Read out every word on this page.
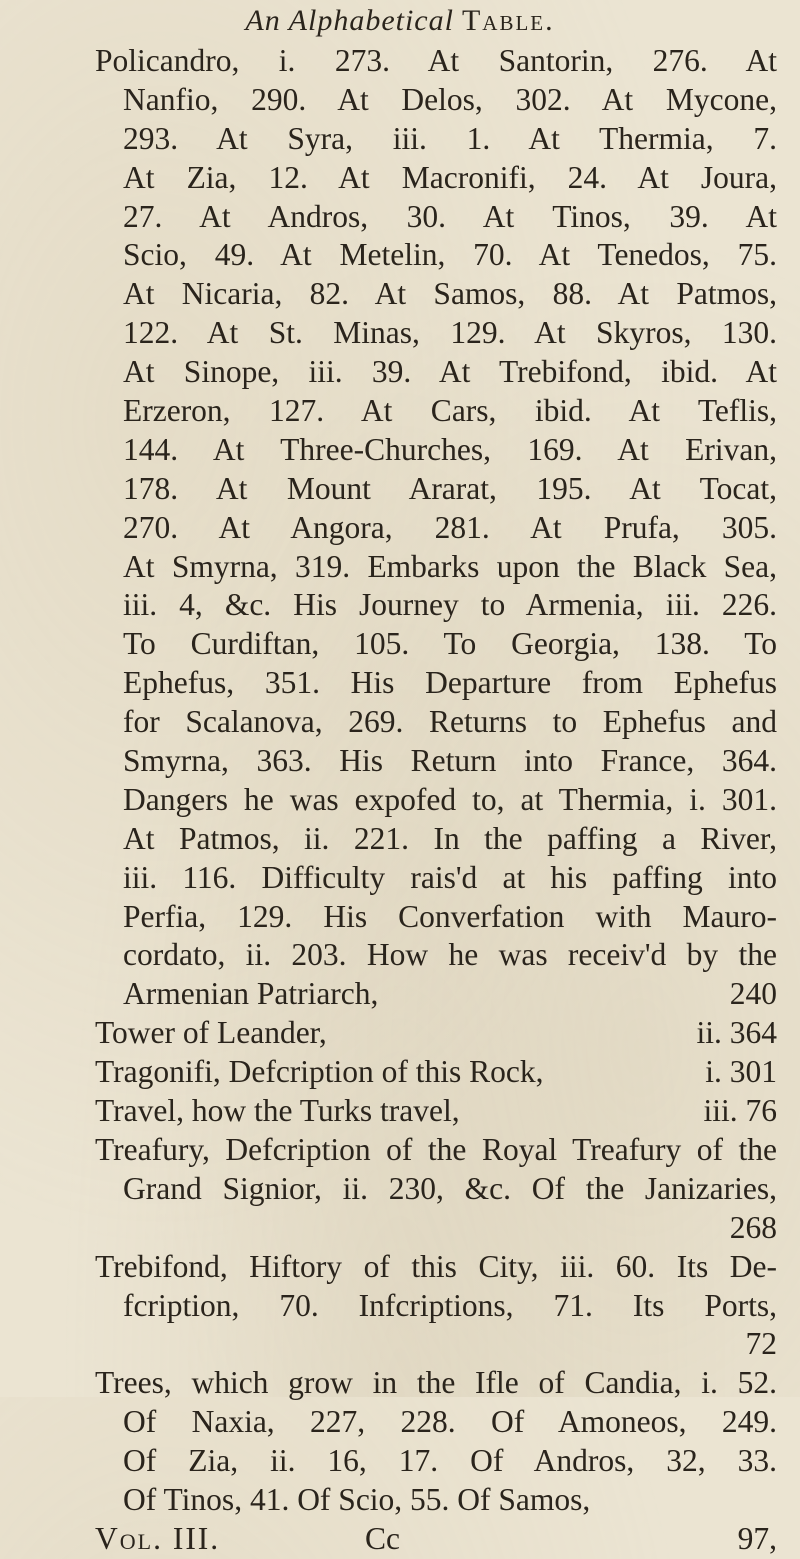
An Alphabetical Table.
Policandro, i. 273. At Santorin, 276. At
Nanfio, 290. At Delos, 302. At Mycone,
293. At Syra, iii. 1. At Thermia, 7.
At Zia, 12. At Macronifi, 24. At Joura,
27. At Andros, 30. At Tinos, 39. At
Scio, 49. At Metelin, 70. At Tenedos, 75.
At Nicaria, 82. At Samos, 88. At Patmos,
122. At St. Minas, 129. At Skyros, 130.
At Sinope, iii. 39. At Trebifond, ibid. At
Erzeron, 127. At Cars, ibid. At Teflis,
144. At Three-Churches, 169. At Erivan,
178. At Mount Ararat, 195. At Tocat,
270. At Angora, 281. At Prufa, 305.
At Smyrna, 319. Embarks upon the Black Sea,
iii. 4, &c. His Journey to Armenia, iii. 226.
To Curdiftan, 105. To Georgia, 138. To
Ephefus, 351. His Departure from Ephefus
for Scalanova, 269. Returns to Ephefus and
Smyrna, 363. His Return into France, 364.
Dangers he was expofed to, at Thermia, i. 301.
At Patmos, ii. 221. In the paffing a River,
iii. 116. Difficulty rais'd at his paffing into
Perfia, 129. His Converfation with Mauro-
cordato, ii. 203. How he was receiv'd by the
240
Armenian Patriarch,
ii. 364
Tower of Leander,
i. 301
Tragonifi, Defcription of this Rock,
iii. 76
Travel, how the Turks travel,
Treafury, Defcription of the Royal Treafury of the
Grand Signior, ii. 230, &c. Of the Janizaries,
268
Trebifond, Hiftory of this City, iii. 60. Its De-
fcription, 70. Infcriptions, 71. Its Ports,
72
Trees, which grow in the Ifle of Candia, i. 52.
Of Naxia, 227, 228. Of Amoneos, 249.
Of Zia, ii. 16, 17. Of Andros, 32, 33.
Of Tinos, 41. Of Scio, 55. Of Samos,
Vol. III.	Cc	97,
